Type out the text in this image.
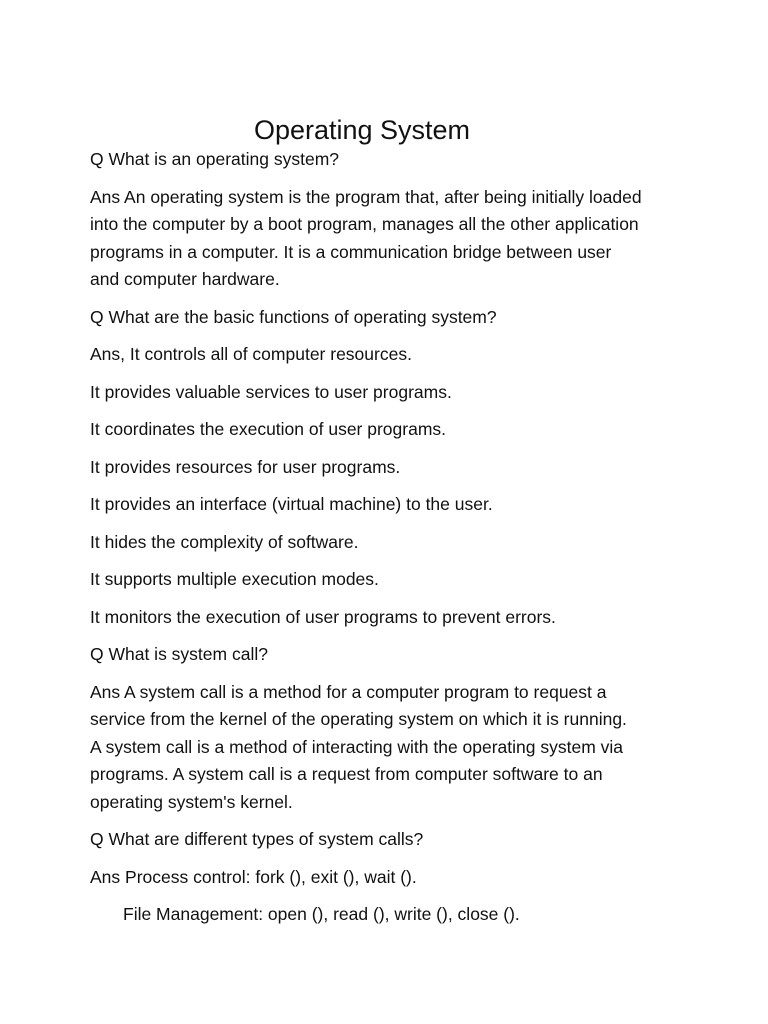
Operating System

Q What is an operating system?

Ans An operating system is the program that, after being initially loaded
into the computer by a boot program, manages all the other application
programs in a computer. It is a communication bridge between user
and computer hardware.

Q What are the basic functions of operating system?

Ans, It controls all of computer resources.

It provides valuable services to user programs.

It coordinates the execution of user programs.

It provides resources for user programs.

It provides an interface (virtual machine) to the user.

It hides the complexity of software.

It supports multiple execution modes.

It monitors the execution of user programs to prevent errors.

Q What is system call?

Ans A system call is a method for a computer program to request a
service from the kernel of the operating system on which it is running.
A system call is a method of interacting with the operating system via
programs. A system call is a request from computer software to an
operating system's kernel.

Q What are different types of system calls?

Ans Process control: fork (), exit (), wait ().

File Management: open (), read (), write (), close ().
